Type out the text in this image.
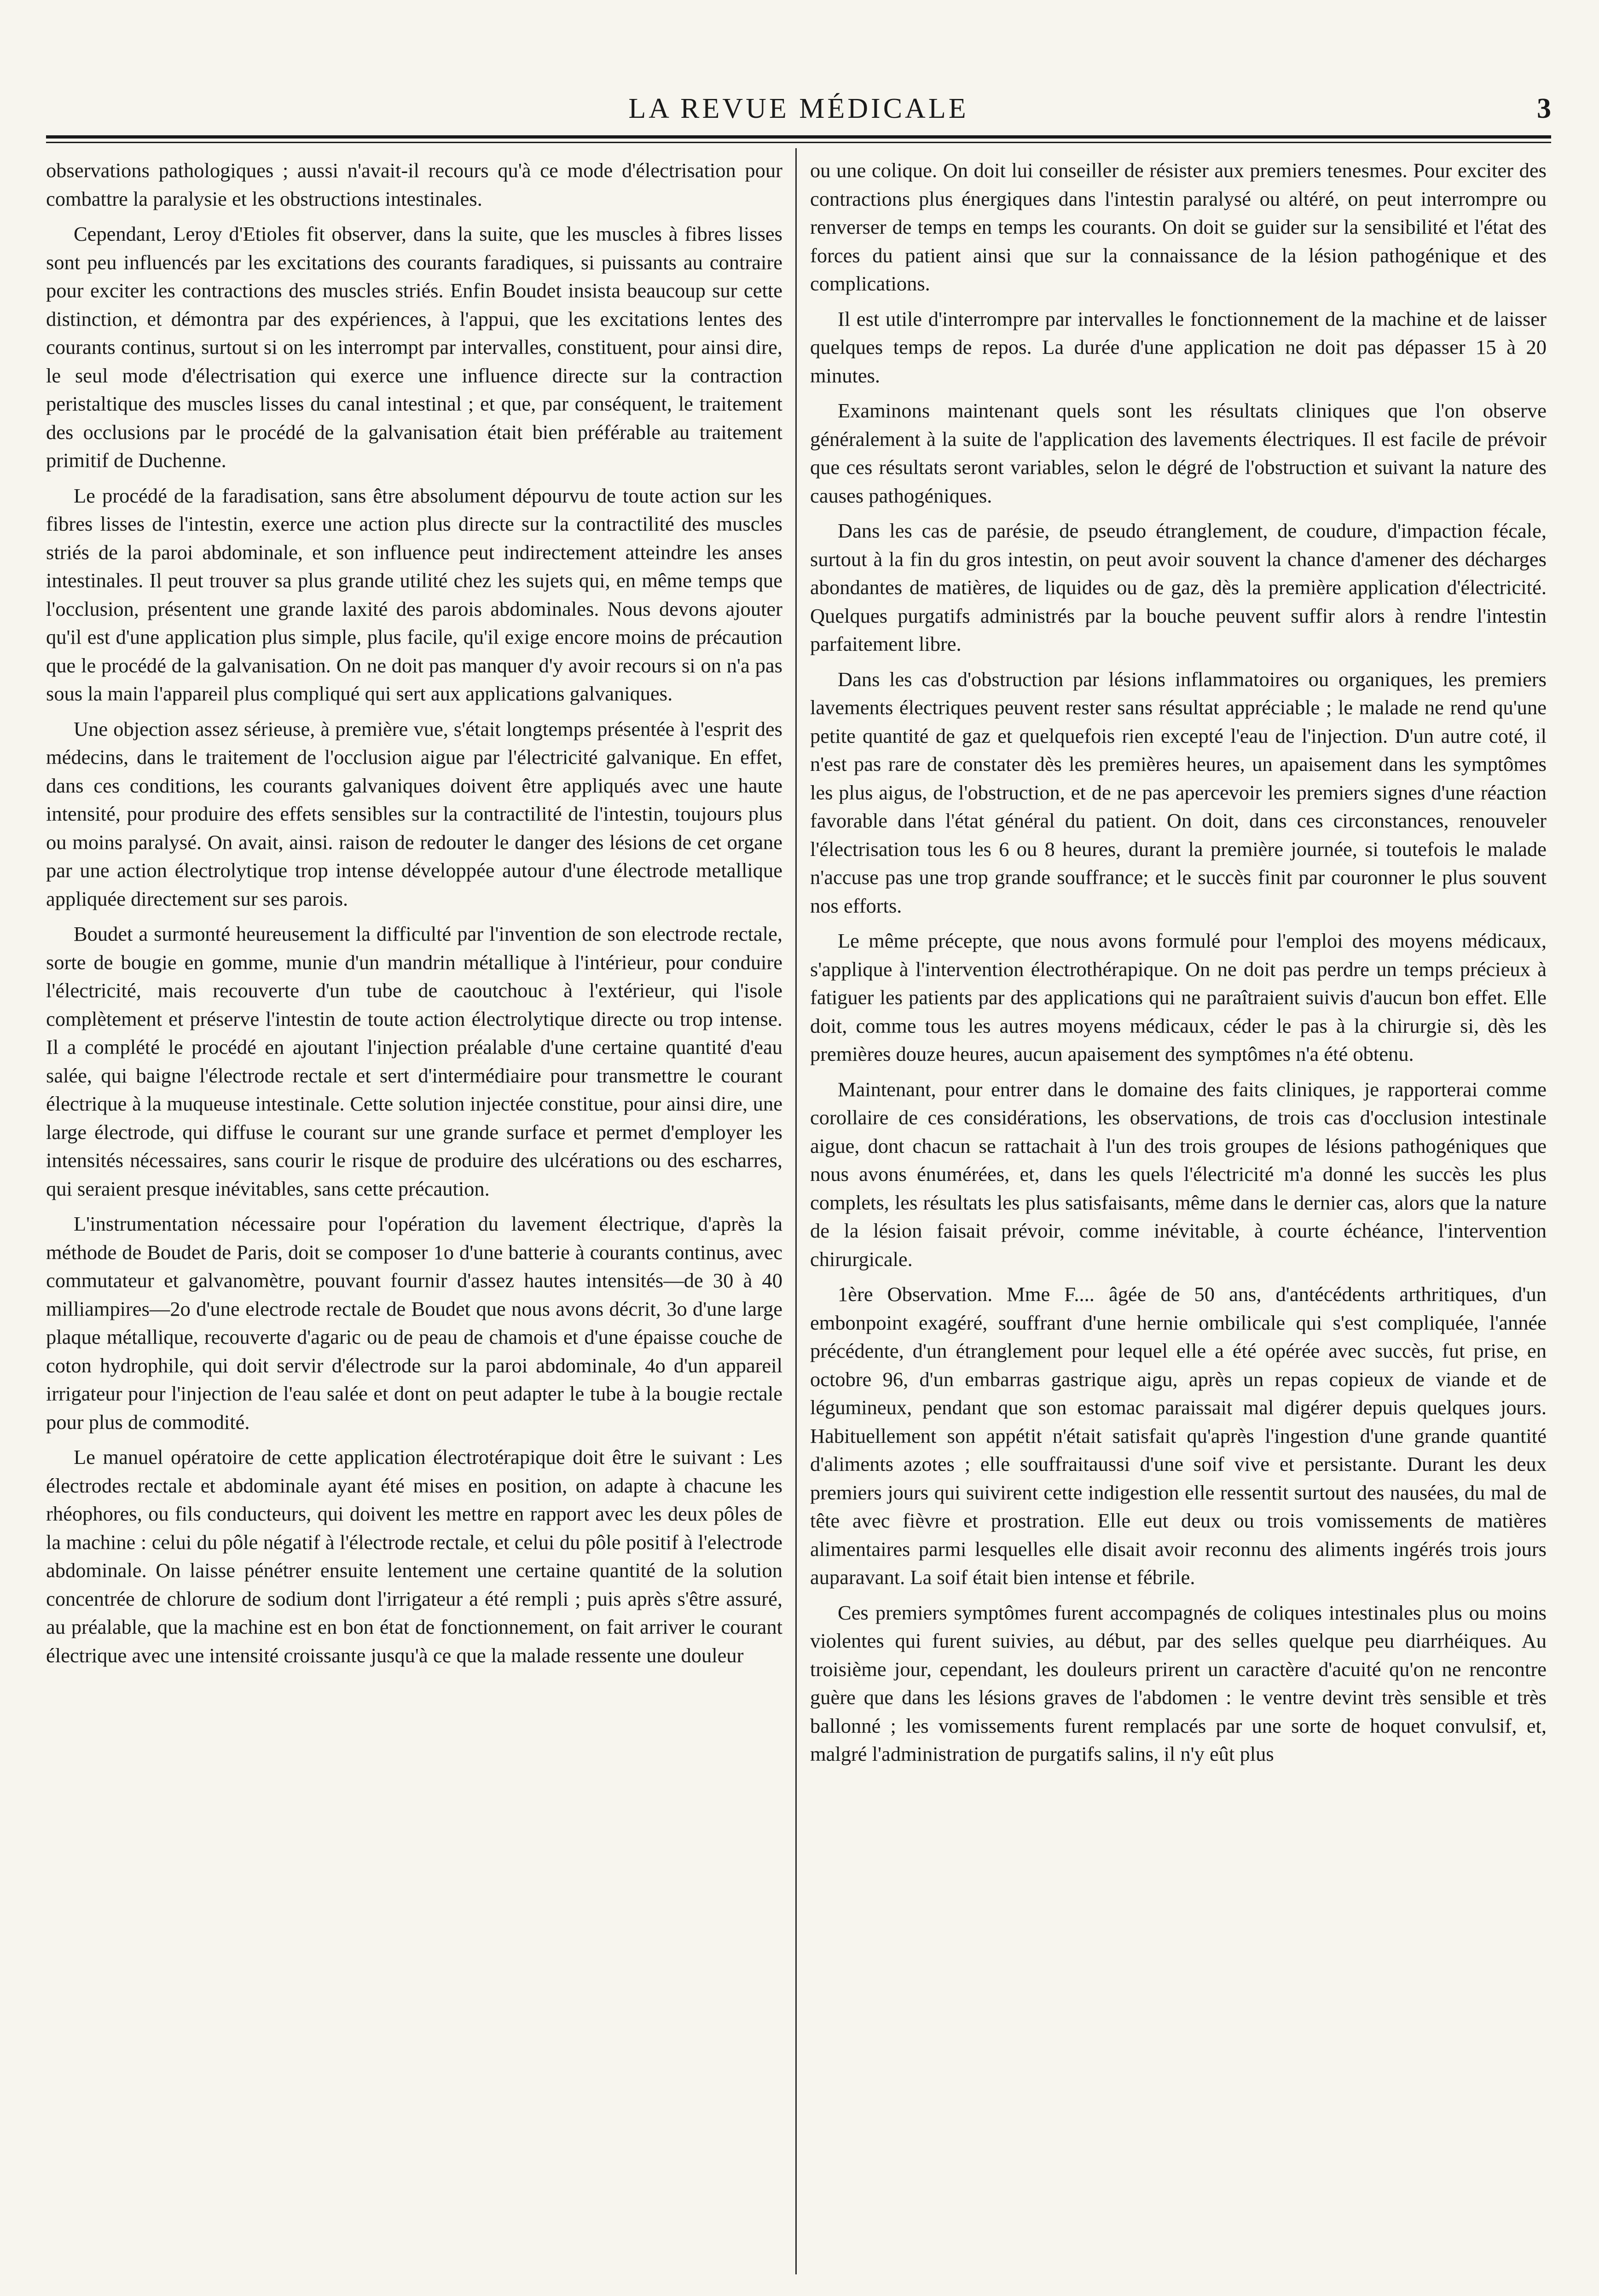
LA REVUE MÉDICALE	3

observations pathologiques ; aussi n'avait-il recours qu'à ce mode d'électrisation pour combattre la paralysie et les obstructions intestinales.

Cependant, Leroy d'Etioles fit observer, dans la suite, que les muscles à fibres lisses sont peu influencés par les excitations des courants faradiques, si puissants au contraire pour exciter les contractions des muscles striés. Enfin Boudet insista beaucoup sur cette distinction, et démontra par des expériences, à l'appui, que les excitations lentes des courants continus, surtout si on les interrompt par intervalles, constituent, pour ainsi dire, le seul mode d'électrisation qui exerce une influence directe sur la contraction peristaltique des muscles lisses du canal intestinal ; et que, par conséquent, le traitement des occlusions par le procédé de la galvanisation était bien préférable au traitement primitif de Duchenne.

Le procédé de la faradisation, sans être absolument dépourvu de toute action sur les fibres lisses de l'intestin, exerce une action plus directe sur la contractilité des muscles striés de la paroi abdominale, et son influence peut indirectement atteindre les anses intestinales. Il peut trouver sa plus grande utilité chez les sujets qui, en même temps que l'occlusion, présentent une grande laxité des parois abdominales. Nous devons ajouter qu'il est d'une application plus simple, plus facile, qu'il exige encore moins de précaution que le procédé de la galvanisation. On ne doit pas manquer d'y avoir recours si on n'a pas sous la main l'appareil plus compliqué qui sert aux applications galvaniques.

Une objection assez sérieuse, à première vue, s'était longtemps présentée à l'esprit des médecins, dans le traitement de l'occlusion aigue par l'électricité galvanique. En effet, dans ces conditions, les courants galvaniques doivent être appliqués avec une haute intensité, pour produire des effets sensibles sur la contractilité de l'intestin, toujours plus ou moins paralysé. On avait, ainsi. raison de redouter le danger des lésions de cet organe par une action électrolytique trop intense développée autour d'une électrode metallique appliquée directement sur ses parois.

Boudet a surmonté heureusement la difficulté par l'invention de son electrode rectale, sorte de bougie en gomme, munie d'un mandrin métallique à l'intérieur, pour conduire l'électricité, mais recouverte d'un tube de caoutchouc à l'extérieur, qui l'isole complètement et préserve l'intestin de toute action électrolytique directe ou trop intense. Il a complété le procédé en ajoutant l'injection préalable d'une certaine quantité d'eau salée, qui baigne l'électrode rectale et sert d'intermédiaire pour transmettre le courant électrique à la muqueuse intestinale. Cette solution injectée constitue, pour ainsi dire, une large électrode, qui diffuse le courant sur une grande surface et permet d'employer les intensités nécessaires, sans courir le risque de produire des ulcérations ou des escharres, qui seraient presque inévitables, sans cette précaution.

L'instrumentation nécessaire pour l'opération du lavement électrique, d'après la méthode de Boudet de Paris, doit se composer 1o d'une batterie à courants continus, avec commutateur et galvanomètre, pouvant fournir d'assez hautes intensités—de 30 à 40 milliampires—2o d'une electrode rectale de Boudet que nous avons décrit, 3o d'une large plaque métallique, recouverte d'agaric ou de peau de chamois et d'une épaisse couche de coton hydrophile, qui doit servir d'électrode sur la paroi abdominale, 4o d'un appareil irrigateur pour l'injection de l'eau salée et dont on peut adapter le tube à la bougie rectale pour plus de commodité.

Le manuel opératoire de cette application électrotérapique doit être le suivant : Les électrodes rectale et abdominale ayant été mises en position, on adapte à chacune les rhéophores, ou fils conducteurs, qui doivent les mettre en rapport avec les deux pôles de la machine : celui du pôle négatif à l'électrode rectale, et celui du pôle positif à l'electrode abdominale. On laisse pénétrer ensuite lentement une certaine quantité de la solution concentrée de chlorure de sodium dont l'irrigateur a été rempli ; puis après s'être assuré, au préalable, que la machine est en bon état de fonctionnement, on fait arriver le courant électrique avec une intensité croissante jusqu'à ce que la malade ressente une douleur

ou une colique. On doit lui conseiller de résister aux premiers tenesmes. Pour exciter des contractions plus énergiques dans l'intestin paralysé ou altéré, on peut interrompre ou renverser de temps en temps les courants. On doit se guider sur la sensibilité et l'état des forces du patient ainsi que sur la connaissance de la lésion pathogénique et des complications.

Il est utile d'interrompre par intervalles le fonctionnement de la machine et de laisser quelques temps de repos. La durée d'une application ne doit pas dépasser 15 à 20 minutes.

Examinons maintenant quels sont les résultats cliniques que l'on observe généralement à la suite de l'application des lavements électriques. Il est facile de prévoir que ces résultats seront variables, selon le dégré de l'obstruction et suivant la nature des causes pathogéniques.

Dans les cas de parésie, de pseudo étranglement, de coudure, d'impaction fécale, surtout à la fin du gros intestin, on peut avoir souvent la chance d'amener des décharges abondantes de matières, de liquides ou de gaz, dès la première application d'électricité. Quelques purgatifs administrés par la bouche peuvent suffir alors à rendre l'intestin parfaitement libre.

Dans les cas d'obstruction par lésions inflammatoires ou organiques, les premiers lavements électriques peuvent rester sans résultat appréciable ; le malade ne rend qu'une petite quantité de gaz et quelquefois rien excepté l'eau de l'injection. D'un autre coté, il n'est pas rare de constater dès les premières heures, un apaisement dans les symptômes les plus aigus, de l'obstruction, et de ne pas apercevoir les premiers signes d'une réaction favorable dans l'état général du patient. On doit, dans ces circonstances, renouveler l'électrisation tous les 6 ou 8 heures, durant la première journée, si toutefois le malade n'accuse pas une trop grande souffrance; et le succès finit par couronner le plus souvent nos efforts.

Le même précepte, que nous avons formulé pour l'emploi des moyens médicaux, s'applique à l'intervention électrothérapique. On ne doit pas perdre un temps précieux à fatiguer les patients par des applications qui ne paraîtraient suivis d'aucun bon effet. Elle doit, comme tous les autres moyens médicaux, céder le pas à la chirurgie si, dès les premières douze heures, aucun apaisement des symptômes n'a été obtenu.

Maintenant, pour entrer dans le domaine des faits cliniques, je rapporterai comme corollaire de ces considérations, les observations, de trois cas d'occlusion intestinale aigue, dont chacun se rattachait à l'un des trois groupes de lésions pathogéniques que nous avons énumérées, et, dans les quels l'électricité m'a donné les succès les plus complets, les résultats les plus satisfaisants, même dans le dernier cas, alors que la nature de la lésion faisait prévoir, comme inévitable, à courte échéance, l'intervention chirurgicale.

1ère Observation. Mme F.... âgée de 50 ans, d'antécédents arthritiques, d'un embonpoint exagéré, souffrant d'une hernie ombilicale qui s'est compliquée, l'année précédente, d'un étranglement pour lequel elle a été opérée avec succès, fut prise, en octobre 96, d'un embarras gastrique aigu, après un repas copieux de viande et de légumineux, pendant que son estomac paraissait mal digérer depuis quelques jours. Habituellement son appétit n'était satisfait qu'après l'ingestion d'une grande quantité d'aliments azotes ; elle souffraitaussi d'une soif vive et persistante. Durant les deux premiers jours qui suivirent cette indigestion elle ressentit surtout des nausées, du mal de tête avec fièvre et prostration. Elle eut deux ou trois vomissements de matières alimentaires parmi lesquelles elle disait avoir reconnu des aliments ingérés trois jours auparavant. La soif était bien intense et fébrile.

Ces premiers symptômes furent accompagnés de coliques intestinales plus ou moins violentes qui furent suivies, au début, par des selles quelque peu diarrhéiques. Au troisième jour, cependant, les douleurs prirent un caractère d'acuité qu'on ne rencontre guère que dans les lésions graves de l'abdomen : le ventre devint très sensible et très ballonné ; les vomissements furent remplacés par une sorte de hoquet convulsif, et, malgré l'administration de purgatifs salins, il n'y eût plus
